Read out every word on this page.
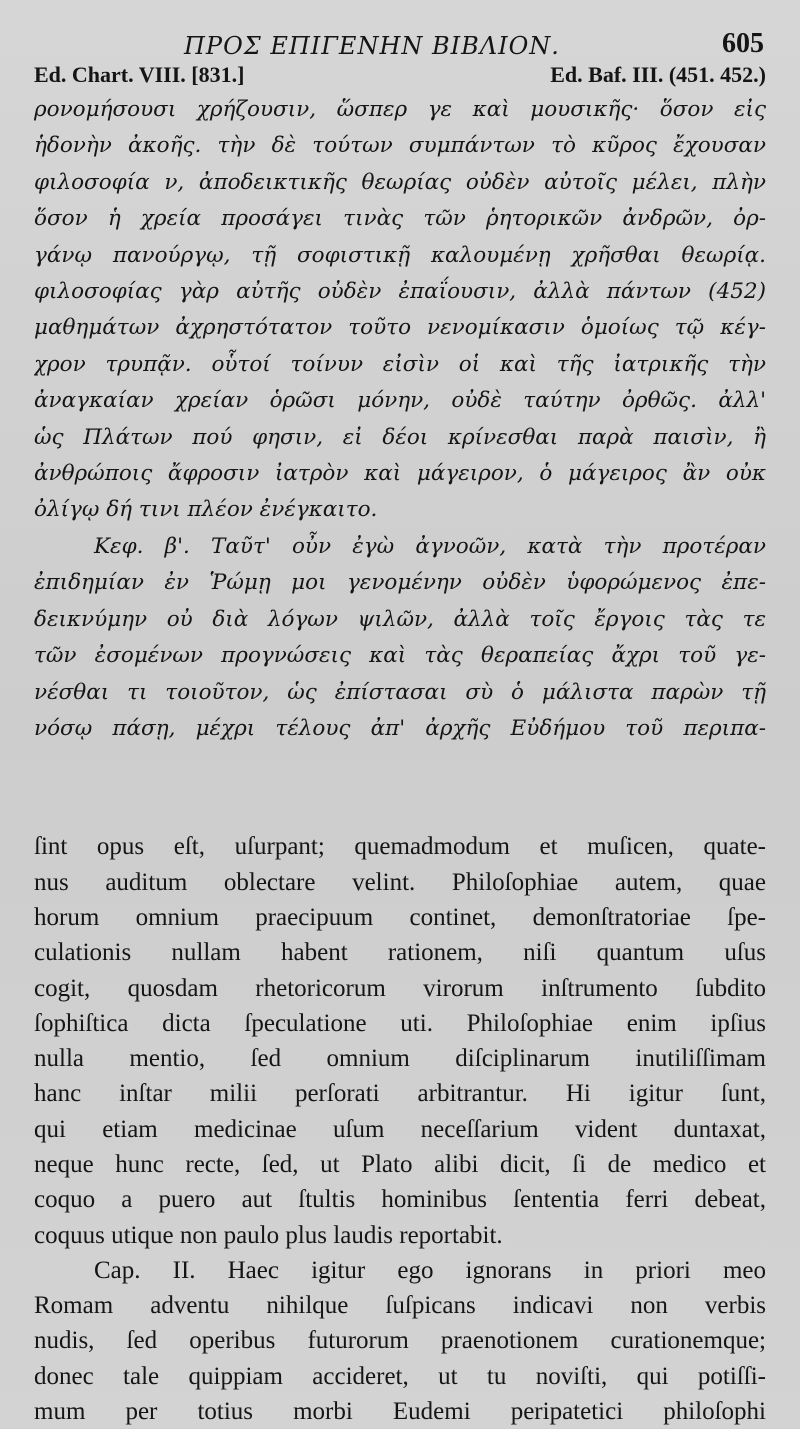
ΠΡΟΣ ΕΠΙΓΕΝΗΝ ΒΙΒΛΙΟΝ.	605
Ed. Chart. VIII. [831.]	Ed. Baf. III. (451. 452.)
ρονομήσουσι χρήζουσιν, ὥσπερ γε καὶ μουσικῆς· ὅσον εἰς
ἡδονὴν ἀκοῆς. τὴν δὲ τούτων συμπάντων τὸ κῦρος ἔχουσαν
φιλοσοφία ν, ἀποδεικτικῆς θεωρίας οὐδὲν αὐτοῖς μέλει, πλὴν
ὅσον ἡ χρεία προσάγει τινὰς τῶν ῥητορικῶν ἀνδρῶν, ὀρ-
γάνῳ πανούργῳ, τῇ σοφιστικῇ καλουμένῃ χρῆσθαι θεωρίᾳ.
φιλοσοφίας γὰρ αὐτῆς οὐδὲν ἐπαΐουσιν, ἀλλὰ πάντων (452)
μαθημάτων ἀχρηστότατον τοῦτο νενομίκασιν ὁμοίως τῷ κέγ-
χρον τρυπᾷν. οὗτοί τοίνυν εἰσὶν οἱ καὶ τῆς ἰατρικῆς τὴν
ἀναγκαίαν χρείαν ὁρῶσι μόνην, οὐδὲ ταύτην ὀρθῶς. ἀλλ'
ὡς Πλάτων πού φησιν, εἰ δέοι κρίνεσθαι παρὰ παισὶν, ἢ
ἀνθρώποις ἄφροσιν ἰατρὸν καὶ μάγειρον, ὁ μάγειρος ἂν οὐκ
ὀλίγῳ δή τινι πλέον ἐνέγκαιτο.
Κεφ. β'. Ταῦτ' οὖν ἐγὼ ἀγνοῶν, κατὰ τὴν προτέραν
ἐπιδημίαν ἐν Ῥώμῃ μοι γενομένην οὐδὲν ὑφορώμενος ἐπε-
δεικνύμην οὐ διὰ λόγων ψιλῶν, ἀλλὰ τοῖς ἔργοις τὰς τε
τῶν ἐσομένων προγνώσεις καὶ τὰς θεραπείας ἄχρι τοῦ γε-
νέσθαι τι τοιοῦτον, ὡς ἐπίστασαι σὺ ὁ μάλιστα παρὼν τῇ
νόσῳ πάσῃ, μέχρι τέλους ἀπ' ἀρχῆς Εὐδήμου τοῦ περιπα-
ſint opus eſt, uſurpant; quemadmodum et muſicen, quate-
nus auditum oblectare velint. Philoſophiae autem, quae
horum omnium praecipuum continet, demonſtratoriae ſpe-
culationis nullam habent rationem, niſi quantum uſus
cogit, quosdam rhetoricorum virorum inſtrumento ſubdito
ſophiſtica dicta ſpeculatione uti. Philoſophiae enim ipſius
nulla mentio, ſed omnium diſciplinarum inutiliſſimam
hanc inſtar milii perſorati arbitrantur. Hi igitur ſunt,
qui etiam medicinae uſum neceſſarium vident duntaxat,
neque hunc recte, ſed, ut Plato alibi dicit, ſi de medico et
coquo a puero aut ſtultis hominibus ſententia ferri debeat,
coquus utique non paulo plus laudis reportabit.
Cap. II. Haec igitur ego ignorans in priori meo
Romam adventu nihilque ſuſpicans indicavi non verbis
nudis, ſed operibus futurorum praenotionem curationemque;
donec tale quippiam accideret, ut tu noviſti, qui potiſſi-
mum per totius morbi Eudemi peripatetici philoſophi
